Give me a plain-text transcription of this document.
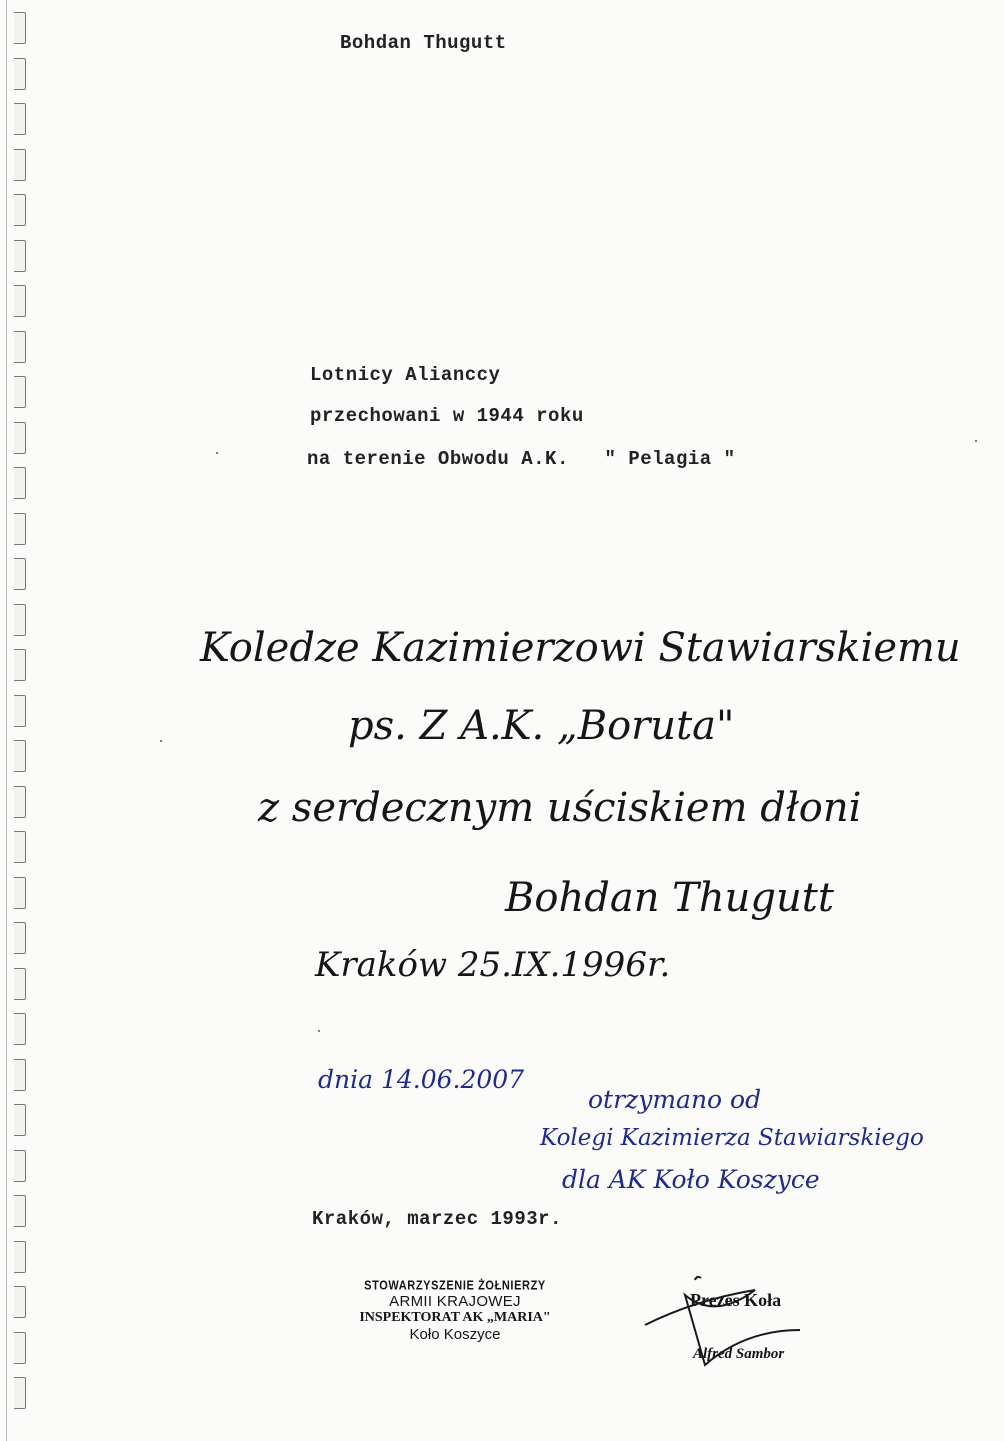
Bohdan Thugutt
Lotnicy Alianccy
przechowani w 1944 roku
na terenie Obwodu A.K.   " Pelagia "
Koledze Kazimierzowi Stawiarskiemu
ps. Z A.K. „Boruta"
z serdecznym uściskiem dłoni
Bohdan Thugutt
Kraków 25.IX.1996r.
dnia 14.06.2007
otrzymano od
Kolegi Kazimierza Stawiarskiego
dla AK Koło Koszyce
Kraków, marzec 1993r.
STOWARZYSZENIE ŻOŁNIERZY
ARMII KRAJOWEJ
INSPEKTORAT AK „MARIA"
Koło Koszyce
Prezes Koła
Alfred Sambor
